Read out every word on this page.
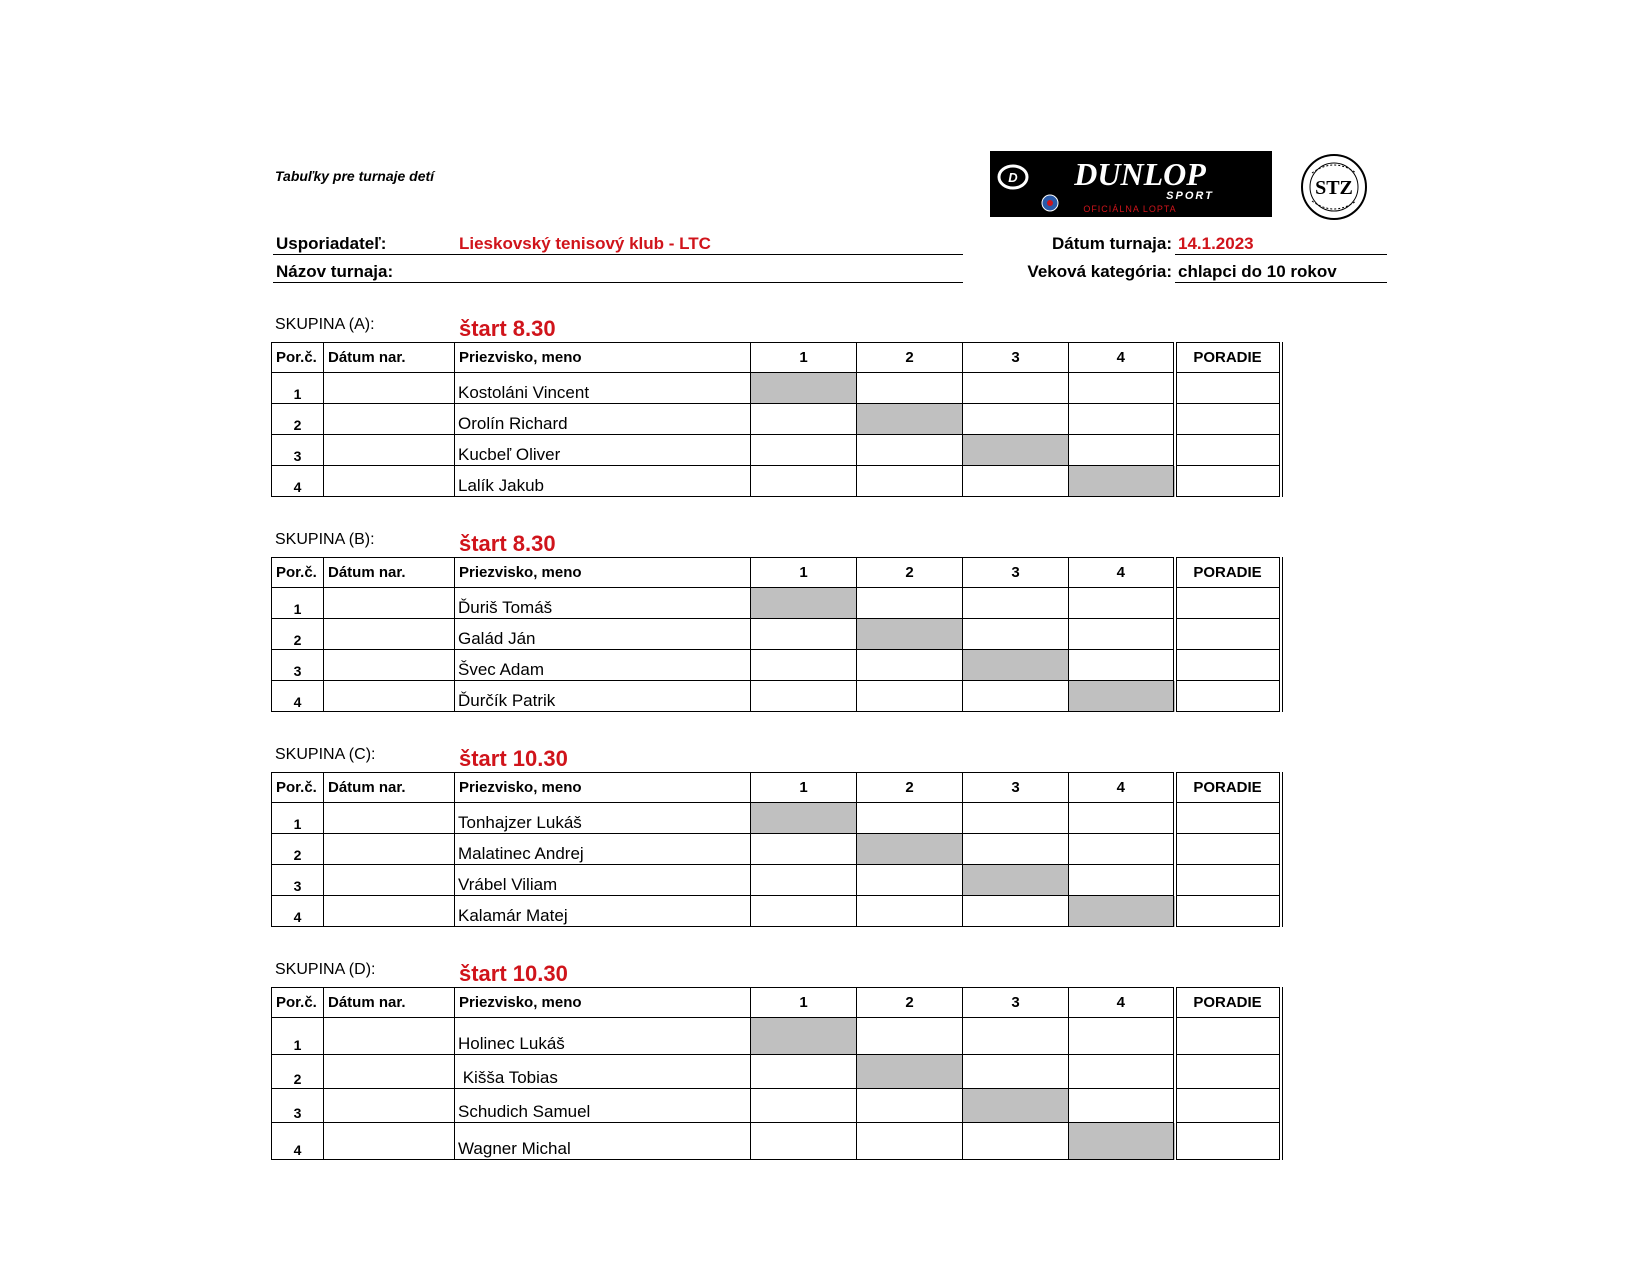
Tabuľky pre turnaje detí	D DUNLOP
SPORT
OFICIÁLNA LOPTA
STZ
Usporiadateľ:	Lieskovský tenisový klub - LTC
Názov turnaja:
Dátum turnaja: 14.1.2023
Veková kategória: chlapci do 10 rokov
SKUPINA (A):	štart 8.30
Por.č.	Dátum nar.	Priezvisko, meno	1	2	3	4	PORADIE
1		Kostoláni Vincent					
2		Orolín Richard					
3		Kucbeľ Oliver					
4		Lalík Jakub					
SKUPINA (B):	štart 8.30
Por.č.	Dátum nar.	Priezvisko, meno	1	2	3	4	PORADIE
1		Ďuriš Tomáš					
2		Galád Ján					
3		Švec Adam					
4		Ďurčík Patrik					
SKUPINA (C):	štart 10.30
Por.č.	Dátum nar.	Priezvisko, meno	1	2	3	4	PORADIE
1		Tonhajzer Lukáš					
2		Malatinec Andrej					
3		Vrábel Viliam					
4		Kalamár Matej					
SKUPINA (D):	štart 10.30
Por.č.	Dátum nar.	Priezvisko, meno	1	2	3	4	PORADIE
1		Holinec Lukáš					
2		Kišša Tobias					
3		Schudich Samuel					
4		Wagner Michal					
